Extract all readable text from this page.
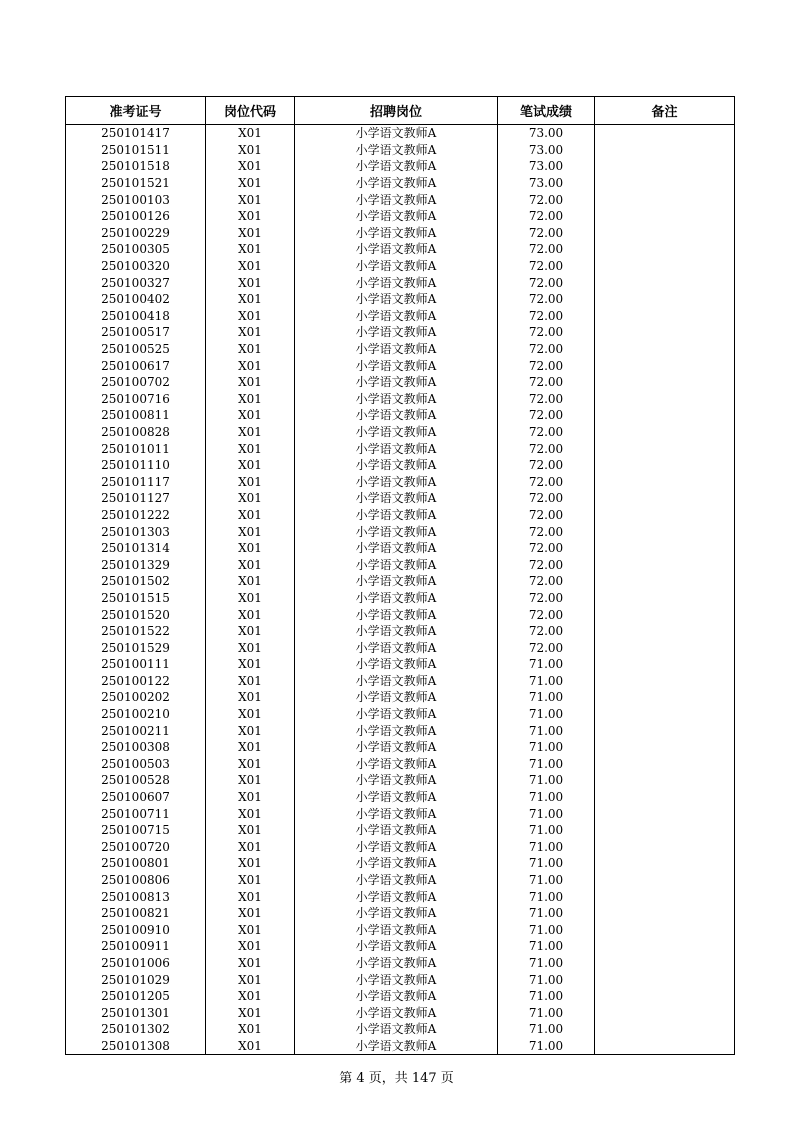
准考证号	岗位代码	招聘岗位	笔试成绩	备注
250101417	X01	小学语文教师A	73.00	
250101511	X01	小学语文教师A	73.00	
250101518	X01	小学语文教师A	73.00	
250101521	X01	小学语文教师A	73.00	
250100103	X01	小学语文教师A	72.00	
250100126	X01	小学语文教师A	72.00	
250100229	X01	小学语文教师A	72.00	
250100305	X01	小学语文教师A	72.00	
250100320	X01	小学语文教师A	72.00	
250100327	X01	小学语文教师A	72.00	
250100402	X01	小学语文教师A	72.00	
250100418	X01	小学语文教师A	72.00	
250100517	X01	小学语文教师A	72.00	
250100525	X01	小学语文教师A	72.00	
250100617	X01	小学语文教师A	72.00	
250100702	X01	小学语文教师A	72.00	
250100716	X01	小学语文教师A	72.00	
250100811	X01	小学语文教师A	72.00	
250100828	X01	小学语文教师A	72.00	
250101011	X01	小学语文教师A	72.00	
250101110	X01	小学语文教师A	72.00	
250101117	X01	小学语文教师A	72.00	
250101127	X01	小学语文教师A	72.00	
250101222	X01	小学语文教师A	72.00	
250101303	X01	小学语文教师A	72.00	
250101314	X01	小学语文教师A	72.00	
250101329	X01	小学语文教师A	72.00	
250101502	X01	小学语文教师A	72.00	
250101515	X01	小学语文教师A	72.00	
250101520	X01	小学语文教师A	72.00	
250101522	X01	小学语文教师A	72.00	
250101529	X01	小学语文教师A	72.00	
250100111	X01	小学语文教师A	71.00	
250100122	X01	小学语文教师A	71.00	
250100202	X01	小学语文教师A	71.00	
250100210	X01	小学语文教师A	71.00	
250100211	X01	小学语文教师A	71.00	
250100308	X01	小学语文教师A	71.00	
250100503	X01	小学语文教师A	71.00	
250100528	X01	小学语文教师A	71.00	
250100607	X01	小学语文教师A	71.00	
250100711	X01	小学语文教师A	71.00	
250100715	X01	小学语文教师A	71.00	
250100720	X01	小学语文教师A	71.00	
250100801	X01	小学语文教师A	71.00	
250100806	X01	小学语文教师A	71.00	
250100813	X01	小学语文教师A	71.00	
250100821	X01	小学语文教师A	71.00	
250100910	X01	小学语文教师A	71.00	
250100911	X01	小学语文教师A	71.00	
250101006	X01	小学语文教师A	71.00	
250101029	X01	小学语文教师A	71.00	
250101205	X01	小学语文教师A	71.00	
250101301	X01	小学语文教师A	71.00	
250101302	X01	小学语文教师A	71.00	
250101308	X01	小学语文教师A	71.00	
第 4 页，共 147 页
